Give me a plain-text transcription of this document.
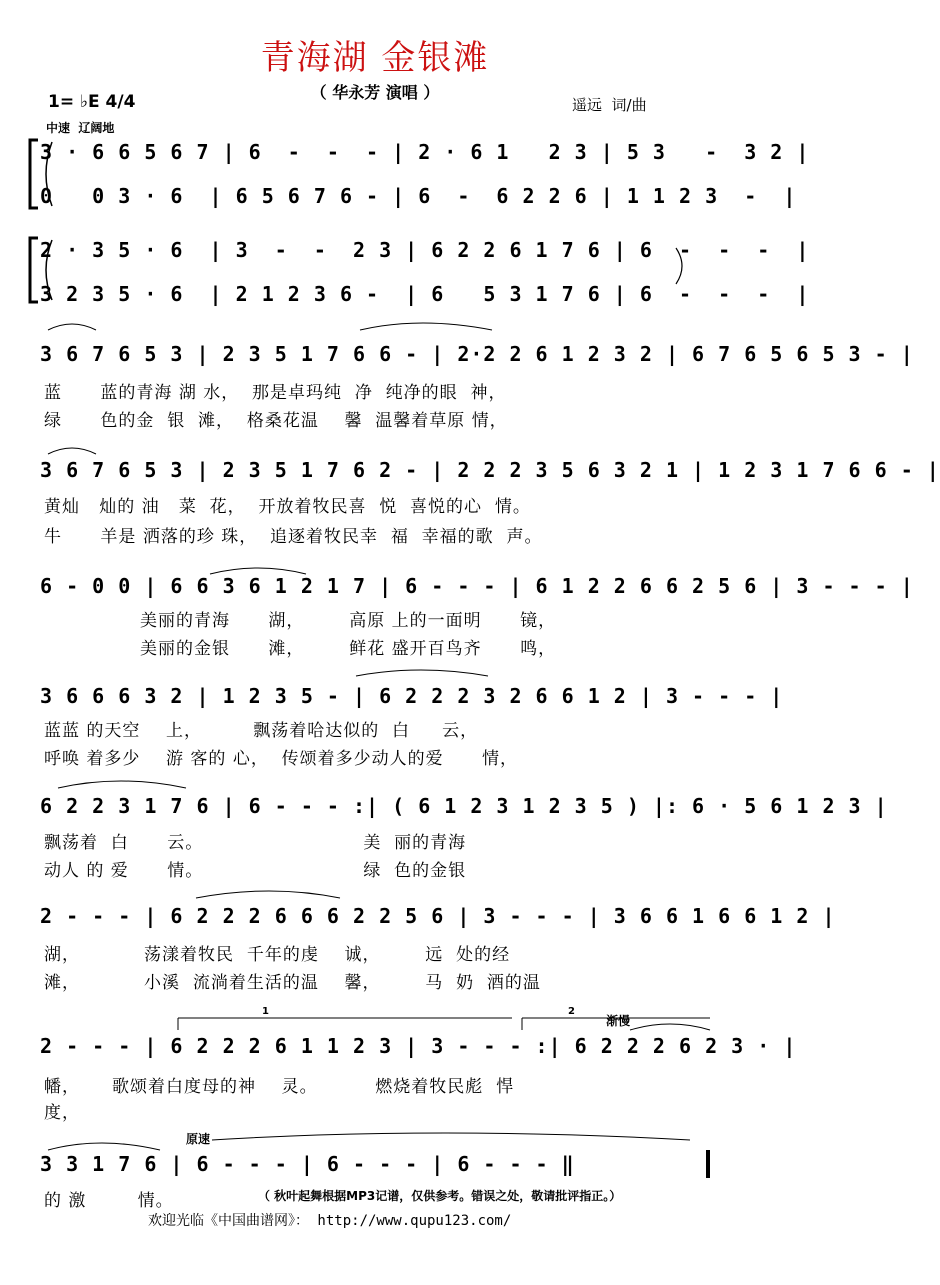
青海湖 金银滩
（ 华永芳 演唱 ）
遥远  词/曲
1= ♭E 4/4
中速  辽阔地
3 · 6 6 5 6 7 | 6  -  -  - | 2 · 6 1   2 3 | 5 3   -  3 2 |
0   0 3 · 6  | 6 5 6 7 6 - | 6  -  6 2 2 6 | 1 1 2 3  -  |
2 · 3 5 · 6  | 3  -  -  2 3 | 6 2 2 6 1 7 6 | 6  -  -  -  |
3 2 3 5 · 6  | 2 1 2 3 6 -  | 6   5 3 1 7 6 | 6  -  -  -  |
3 6 7 6 5 3 | 2 3 5 1 7 6 6 - | 2·2 2 6 1 2 3 2 | 6 7 6 5 6 5 3 - |
3 6 7 6 5 3 | 2 3 5 1 7 6 2 - | 2 2 2 3 5 6 3 2 1 | 1 2 3 1 7 6 6 - |
6 - 0 0 | 6 6 3 6 1 2 1 7 | 6 - - - | 6 1 2 2 6 6 2 5 6 | 3 - - - |
3 6 6 6 3 2 | 1 2 3 5 - | 6 2 2 2 3 2 6 6 1 2 | 3 - - - |
6 2 2 3 1 7 6 | 6 - - - :| ( 6 1 2 3 1 2 3 5 ) |: 6 · 5 6 1 2 3 |
2 - - - | 6 2 2 2 6 6 6 2 2 5 6 | 3 - - - | 3 6 6 1 6 6 1 2 |
2 - - - | 6 2 2 2 6 1 1 2 3 | 3 - - - :| 6 2 2 2 6 2 3 · |
3 3 1 7 6 | 6 - - - | 6 - - - | 6 - - - ‖
蓝      蓝的青海 湖 水，  那是卓玛纯  净  纯净的眼  神，
绿      色的金  银  滩，  格桑花温    馨  温馨着草原 情，
黄灿   灿的 油   菜  花，  开放着牧民喜  悦  喜悦的心  情。
牛      羊是 洒落的珍 珠，  追逐着牧民幸  福  幸福的歌  声。
美丽的青海      湖，       高原 上的一面明      镜，
美丽的金银      滩，       鲜花 盛开百鸟齐      鸣，
蓝蓝 的天空    上，        飘荡着哈达似的  白     云，
呼唤 着多少    游 客的 心，  传颂着多少动人的爱      情，
飘荡着  白      云。                         美  丽的青海
动人 的 爱      情。                         绿  色的金银
湖，          荡漾着牧民  千年的虔    诚，       远  处的经
滩，          小溪  流淌着生活的温    馨，       马  奶  酒的温
幡，     歌颂着白度母的神    灵。         燃烧着牧民彪  悍
度，
的 激        情。
渐慢
原速
1	2
（ 秋叶起舞根据MP3记谱，仅供参考。错误之处，敬请批评指正。）
欢迎光临《中国曲谱网》： http://www.qupu123.com/
